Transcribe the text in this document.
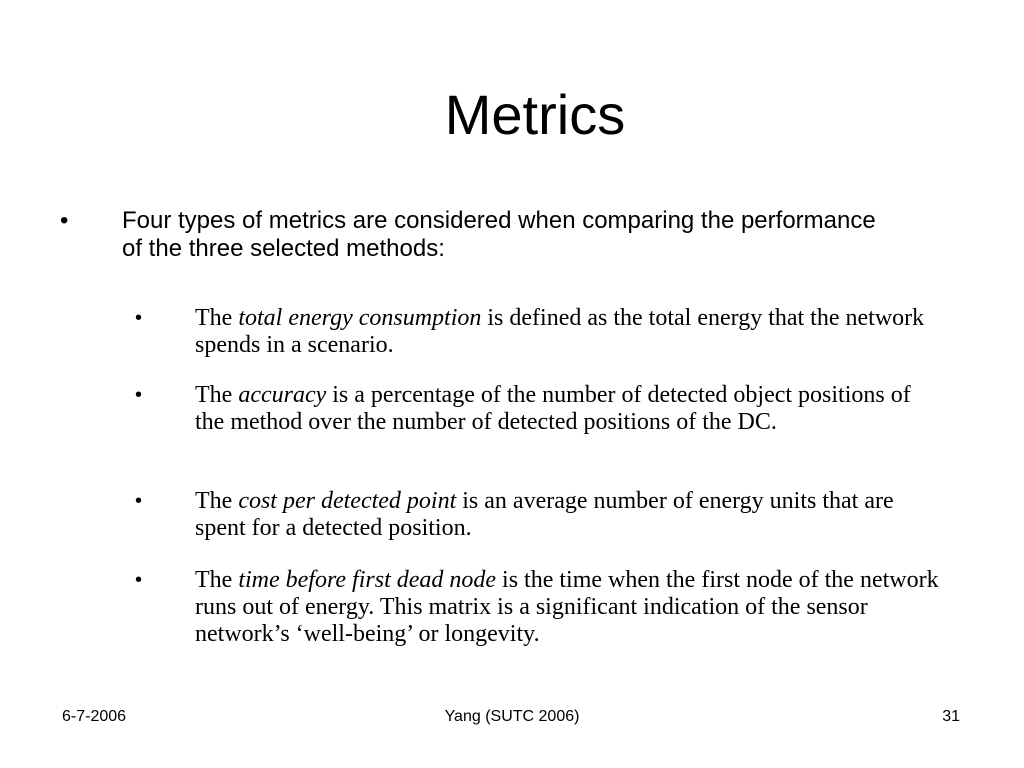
Metrics
• Four types of metrics are considered when comparing the performance of the three selected methods:
• The total energy consumption is defined as the total energy that the network spends in a scenario.
• The accuracy is a percentage of the number of detected object positions of the method over the number of detected positions of the DC.
• The cost per detected point is an average number of energy units that are spent for a detected position.
• The time before first dead node is the time when the first node of the network runs out of energy. This matrix is a significant indication of the sensor network’s ‘well-being’ or longevity.
6-7-2006	Yang (SUTC 2006)	31
